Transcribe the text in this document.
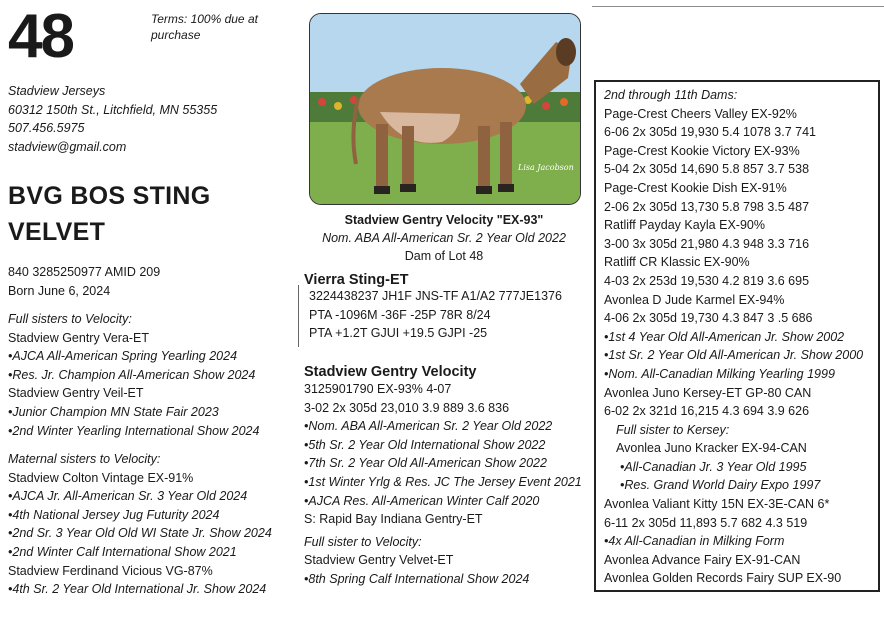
48	Terms: 100% due at purchase
Stadview Jerseys
60312 150th St., Litchfield, MN 55355
507.456.5975
stadview@gmail.com
BVG BOS STING
VELVET
840 3285250977 AMID 209
Born June 6, 2024
Full sisters to Velocity:
Stadview Gentry Vera-ET
•AJCA All-American Spring Yearling 2024
•Res. Jr. Champion All-American Show 2024
Stadview Gentry Veil-ET
•Junior Champion MN State Fair 2023
•2nd Winter Yearling International Show 2024
Maternal sisters to Velocity:
Stadview Colton Vintage EX-91%
•AJCA Jr. All-American Sr. 3 Year Old 2024
•4th National Jersey Jug Futurity 2024
•2nd Sr. 3 Year Old Old WI State Jr. Show 2024
•2nd Winter Calf International Show 2021
Stadview Ferdinand Vicious VG-87%
•4th Sr. 2 Year Old International Jr. Show 2024
Lisa Jacobson
Stadview Gentry Velocity "EX-93"
Nom. ABA All-American Sr. 2 Year Old 2022
Dam of Lot 48
Vierra Sting-ET
3224438237 JH1F JNS-TF A1/A2 777JE1376
PTA -1096M -36F -25P 78R 8/24
PTA +1.2T GJUI +19.5 GJPI -25
Stadview Gentry Velocity
3125901790 EX-93% 4-07
3-02 2x 305d 23,010 3.9 889 3.6 836
•Nom. ABA All-American Sr. 2 Year Old 2022
•5th Sr. 2 Year Old International Show 2022
•7th Sr. 2 Year Old All-American Show 2022
•1st Winter Yrlg & Res. JC The Jersey Event 2021
•AJCA Res. All-American Winter Calf 2020
S: Rapid Bay Indiana Gentry-ET
Full sister to Velocity:
Stadview Gentry Velvet-ET
•8th Spring Calf International Show 2024
2nd through 11th Dams:
Page-Crest Cheers Valley EX-92%
6-06 2x 305d 19,930 5.4 1078 3.7 741
Page-Crest Kookie Victory EX-93%
5-04 2x 305d 14,690 5.8 857 3.7 538
Page-Crest Kookie Dish EX-91%
2-06 2x 305d 13,730 5.8 798 3.5 487
Ratliff Payday Kayla EX-90%
3-00 3x 305d 21,980 4.3 948 3.3 716
Ratliff CR Klassic EX-90%
4-03 2x 253d 19,530 4.2 819 3.6 695
Avonlea D Jude Karmel EX-94%
4-06 2x 305d 19,730 4.3 847 3 .5 686
•1st 4 Year Old All-American Jr. Show 2002
•1st Sr. 2 Year Old All-American Jr. Show 2000
•Nom. All-Canadian Milking Yearling 1999
Avonlea Juno Kersey-ET GP-80 CAN
6-02 2x 321d 16,215 4.3 694 3.9 626
Full sister to Kersey:
Avonlea Juno Kracker EX-94-CAN
•All-Canadian Jr. 3 Year Old 1995
•Res. Grand World Dairy Expo 1997
Avonlea Valiant Kitty 15N EX-3E-CAN 6*
6-11 2x 305d 11,893 5.7 682 4.3 519
•4x All-Canadian in Milking Form
Avonlea Advance Fairy EX-91-CAN
Avonlea Golden Records Fairy SUP EX-90
